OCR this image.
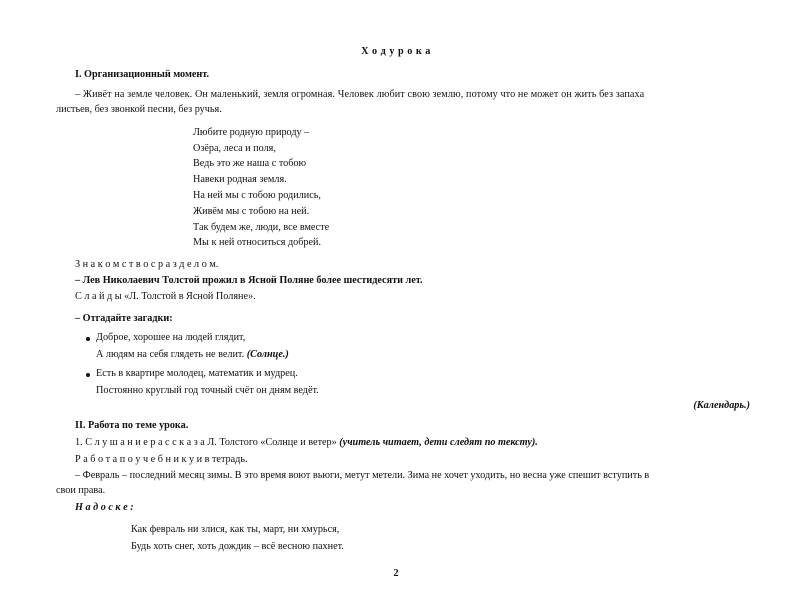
Х о д у р о к а
I. Организационный момент.
– Живёт на земле человек. Он маленький, земля огромная. Человек любит свою землю, потому что не может он жить без запаха
листьев, без звонкой песни, без ручья.
Любите родную природу –
Озёра, леса и поля,
Ведь это же наша с тобою
Навеки родная земля.
На ней мы с тобою родились,
Живём мы с тобою на ней.
Так будем же, люди, все вместе
Мы к ней относиться добрей.
З н а к о м с т в о с р а з д е л о м.
– Лев Николаевич Толстой прожил в Ясной Поляне более шестидесяти лет.
С л а й д ы «Л. Толстой в Ясной Поляне».
– Отгадайте загадки:
Доброе, хорошее на людей глядит,
А людям на себя глядеть не велит. (Солнце.)
Есть в квартире молодец, математик и мудрец.
Постоянно круглый год точный счёт он дням ведёт.
(Календарь.)
II. Работа по теме урока.
1. С л у ш а н и е р а с с к а з а Л. Толстого «Солнце и ветер» (учитель читает, дети следят по тексту).
Р а б о т а п о у ч е б н и к у и в тетрадь.
– Февраль – последний месяц зимы. В это время воют вьюги, метут метели. Зима не хочет уходить, но весна уже спешит вступить в
свои права.
Н а д о с к е :
Как февраль ни злися, как ты, март, ни хмурься,
Будь хоть снег, хоть дождик – всё весною пахнет.
2
